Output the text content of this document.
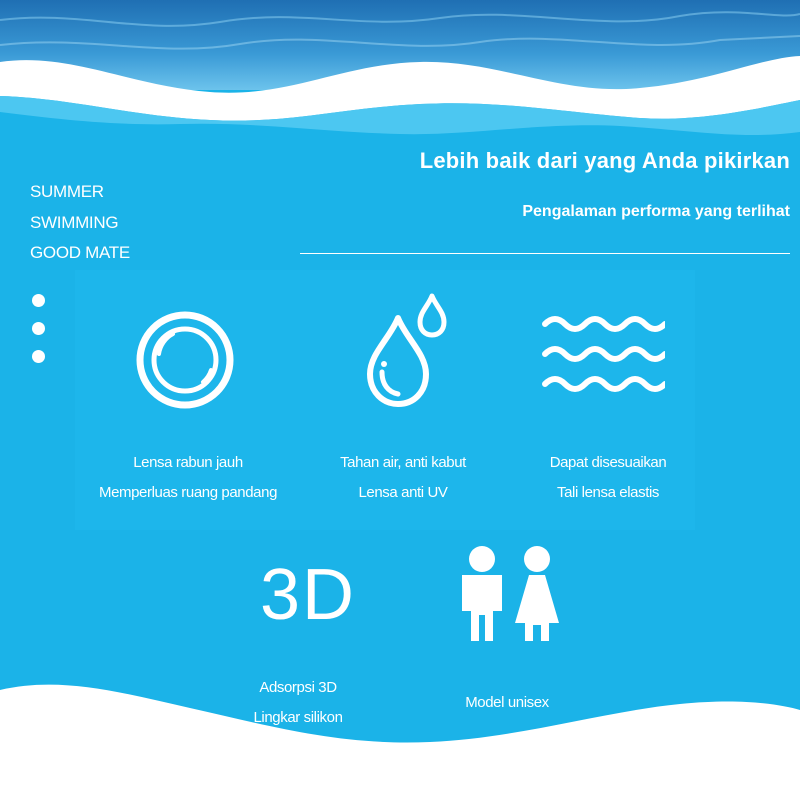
Lebih baik dari yang Anda pikirkan
Pengalaman performa yang terlihat
SUMMER
SWIMMING
GOOD MATE
Lensa rabun jauh
Memperluas ruang pandang
Tahan air, anti kabut
Lensa anti UV
Dapat disesuaikan
Tali lensa elastis
3D
Adsorpsi 3D
Lingkar silikon
Model unisex
